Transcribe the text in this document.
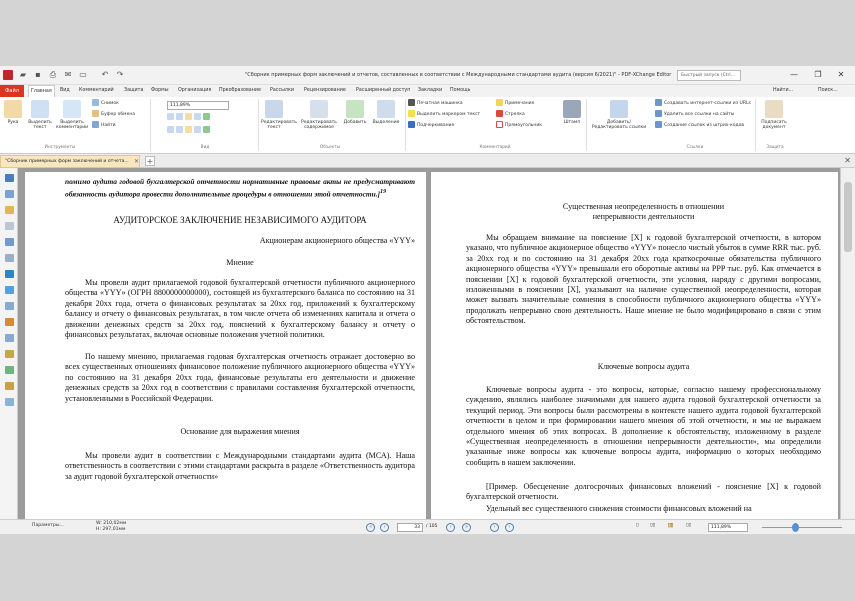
▰ ▪ ⎙ ✉ ▭ ↶ ↷	"Сборник примерных форм заключений и отчетов, составленных в соответствии с Международными стандартами аудита (версия 6/2021)" - PDF-XChange Editor	Быстрый запуск (Ctrl...	—	❐	✕
Главная	Вид Комментарий Защита Формы Организация Преобразование Рассылки Рецензирование Расширенный доступ Закладки Помощь	Найти...	Поиск...
Файл
Рука	Выделить текст
Выделить комментарии
Снимок
Буфер обмена
Найти
Инструменты
111,89%
Вид
Редактировать текст
Редактировать содержимое
Добавить	Выделение
Объекты
Печатная машинка
Выделить маркером текст
Подчеркивание
Примечание
Стрелка
Прямоугольник
Штамп
Комментарий
Добавить/Редактировать ссылки
Создавать интернет-ссылки из URLs
Удалить все ссылки на сайты
Создание ссылок из штрих-кодов
Ссылки
Подписать документ
Защита
"Сборник примерных форм заключений и отчета... ✕ +	✕
помимо аудита годовой бухгалтерской отчетности нормативные правовые акты не предусматривают обязанность аудитора провести дополнительные процедуры в отношении этой отчетности.]$^{19}$
АУДИТОРСКОЕ ЗАКЛЮЧЕНИЕ НЕЗАВИСИМОГО АУДИТОРА
Акционерам акционерного общества «YYY»
Мнение
Мы провели аудит прилагаемой годовой бухгалтерской отчетности публичного акционерного общества «YYY» (ОГРН 8800000000000), состоящей из бухгалтерского баланса по состоянию на 31 декабря 20хх года, отчета о финансовых результатах за 20хх год, приложений к бухгалтерскому балансу и отчету о финансовых результатах, в том числе отчета об изменениях капитала и отчета о движении денежных средств за 20хх год, пояснений к бухгалтерскому балансу и отчету о финансовых результатах, включая основные положения учетной политики.
По нашему мнению, прилагаемая годовая бухгалтерская отчетность отражает достоверно во всех существенных отношениях финансовое положение публичного акционерного общества «YYY» по состоянию на 31 декабря 20хх года, финансовые результаты его деятельности и движение денежных средств за 20хх год в соответствии с правилами составления бухгалтерской отчетности, установленными в Российской Федерации.
Основание для выражения мнения
Мы провели аудит в соответствии с Международными стандартами аудита (МСА). Наша ответственность в соответствии с этими стандартами раскрыта в разделе «Ответственность аудитора за аудит годовой бухгалтерской отчетности»
Существенная неопределенность в отношении
непрерывности деятельности
Мы обращаем внимание на пояснение [X] к годовой бухгалтерской отчетности, в котором указано, что публичное акционерное общество «YYY» понесло чистый убыток в сумме RRR тыс. руб. за 20хх год и по состоянию на 31 декабря 20хх года краткосрочные обязательства публичного акционерного общества «YYY» превышали его оборотные активы на PPP тыс. руб. Как отмечается в пояснении [X] к годовой бухгалтерской отчетности, эти условия, наряду с другими вопросами, изложенными в пояснении [X], указывают на наличие существенной неопределенности, которая может вызвать значительные сомнения в способности публичного акционерного общества «YYY» продолжать непрерывно свою деятельность. Наше мнение не было модифицировано в связи с этим обстоятельством.
Ключевые вопросы аудита
Ключевые вопросы аудита - это вопросы, которые, согласно нашему профессиональному суждению, являлись наиболее значимыми для нашего аудита годовой бухгалтерской отчетности за текущий период. Эти вопросы были рассмотрены в контексте нашего аудита годовой бухгалтерской отчетности в целом и при формировании нашего мнения об этой отчетности, и мы не выражаем отдельного мнения об этих вопросах. В дополнение к обстоятельству, изложенному в разделе «Существенная неопределенность в отношении непрерывности деятельности», мы определили указанные ниже вопросы как ключевые вопросы аудита, информацию о которых необходимо сообщить в нашем заключении.
[Пример. Обесценение долгосрочных финансовых вложений - пояснение [X] к годовой бухгалтерской отчетности.
Удельный вес существенного снижения стоимости финансовых вложений на
Параметры...	W: 210,02мм
H: 297,01мм	«	‹	33	/ 105	›	»	‹	›	▯ ▯▯	▯▯	▯▯	111,89%
